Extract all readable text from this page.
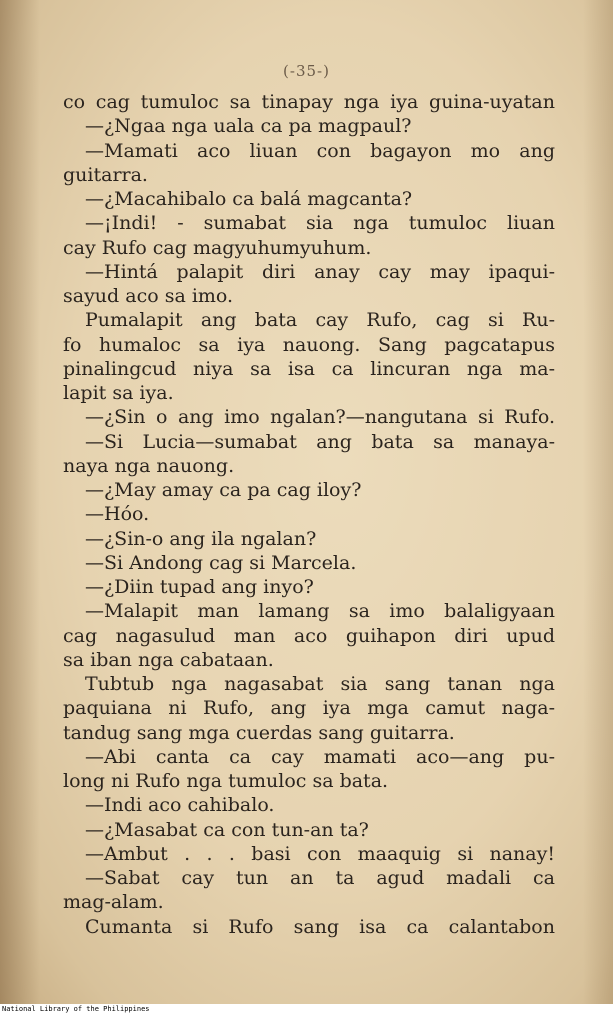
(-35-)
co cag tumuloc sa tinapay nga iya guina-uyatan
—¿Ngaa nga uala ca pa magpaul?
—Mamati aco liuan con bagayon mo ang
guitarra.
—¿Macahibalo ca balá magcanta?
—¡Indi! - sumabat sia nga tumuloc liuan
cay Rufo cag magyuhumyuhum.
—Hintá palapit diri anay cay may ipaqui-
sayud aco sa imo.
Pumalapit ang bata cay Rufo, cag si Ru-
fo humaloc sa iya nauong. Sang pagcatapus
pinalingcud niya sa isa ca lincuran nga ma-
lapit sa iya.
—¿Sin o ang imo ngalan?—nangutana si Rufo.
—Si Lucia—sumabat ang bata sa manaya-
naya nga nauong.
—¿May amay ca pa cag iloy?
—Hóo.
—¿Sin-o ang ila ngalan?
—Si Andong cag si Marcela.
—¿Diin tupad ang inyo?
—Malapit man lamang sa imo balaligyaan
cag nagasulud man aco guihapon diri upud
sa iban nga cabataan.
Tubtub nga nagasabat sia sang tanan nga
paquiana ni Rufo, ang iya mga camut naga-
tandug sang mga cuerdas sang guitarra.
—Abi canta ca cay mamati aco—ang pu-
long ni Rufo nga tumuloc sa bata.
—Indi aco cahibalo.
—¿Masabat ca con tun-an ta?
—Ambut . . . basi con maaquig si nanay!
—Sabat cay tun an ta agud madali ca
mag-alam.
Cumanta si Rufo sang isa ca calantabon
National Library of the Philippines
